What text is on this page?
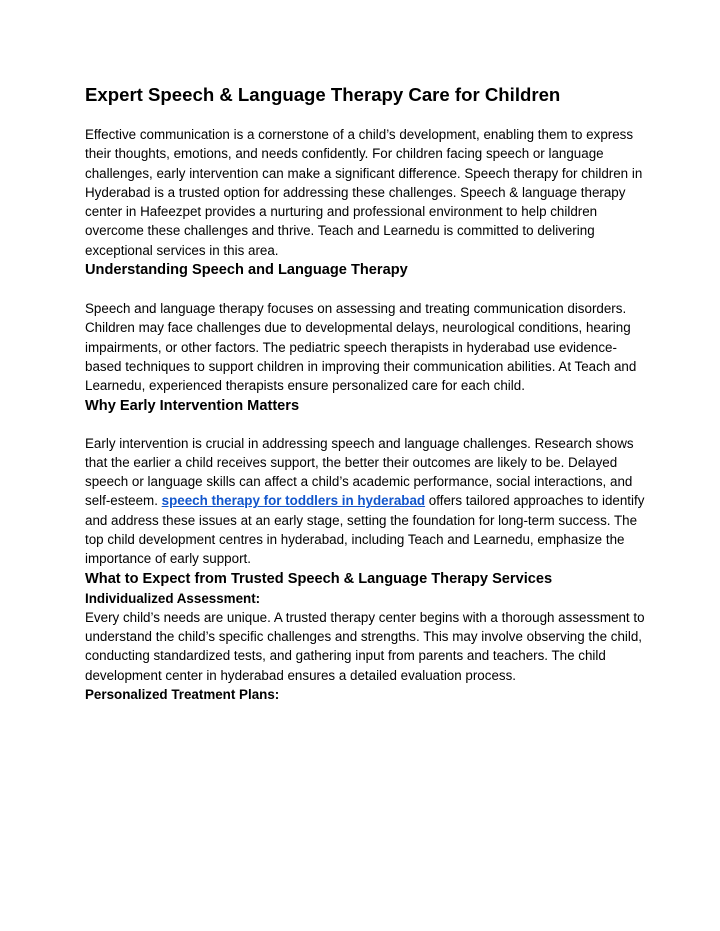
Expert Speech & Language Therapy Care for Children

Effective communication is a cornerstone of a child’s development, enabling them to express their thoughts, emotions, and needs confidently. For children facing speech or language challenges, early intervention can make a significant difference. Speech therapy for children in Hyderabad is a trusted option for addressing these challenges. Speech & language therapy center in Hafeezpet provides a nurturing and professional environment to help children overcome these challenges and thrive. Teach and Learnedu is committed to delivering exceptional services in this area.

Understanding Speech and Language Therapy

Speech and language therapy focuses on assessing and treating communication disorders. Children may face challenges due to developmental delays, neurological conditions, hearing impairments, or other factors. The pediatric speech therapists in hyderabad use evidence-based techniques to support children in improving their communication abilities. At Teach and Learnedu, experienced therapists ensure personalized care for each child.

Why Early Intervention Matters

Early intervention is crucial in addressing speech and language challenges. Research shows that the earlier a child receives support, the better their outcomes are likely to be. Delayed speech or language skills can affect a child’s academic performance, social interactions, and self-esteem. speech therapy for toddlers in hyderabad offers tailored approaches to identify and address these issues at an early stage, setting the foundation for long-term success. The top child development centres in hyderabad, including Teach and Learnedu, emphasize the importance of early support.

What to Expect from Trusted Speech & Language Therapy Services
Individualized Assessment:

Every child’s needs are unique. A trusted therapy center begins with a thorough assessment to understand the child’s specific challenges and strengths. This may involve observing the child, conducting standardized tests, and gathering input from parents and teachers. The child development center in hyderabad ensures a detailed evaluation process.

Personalized Treatment Plans:
